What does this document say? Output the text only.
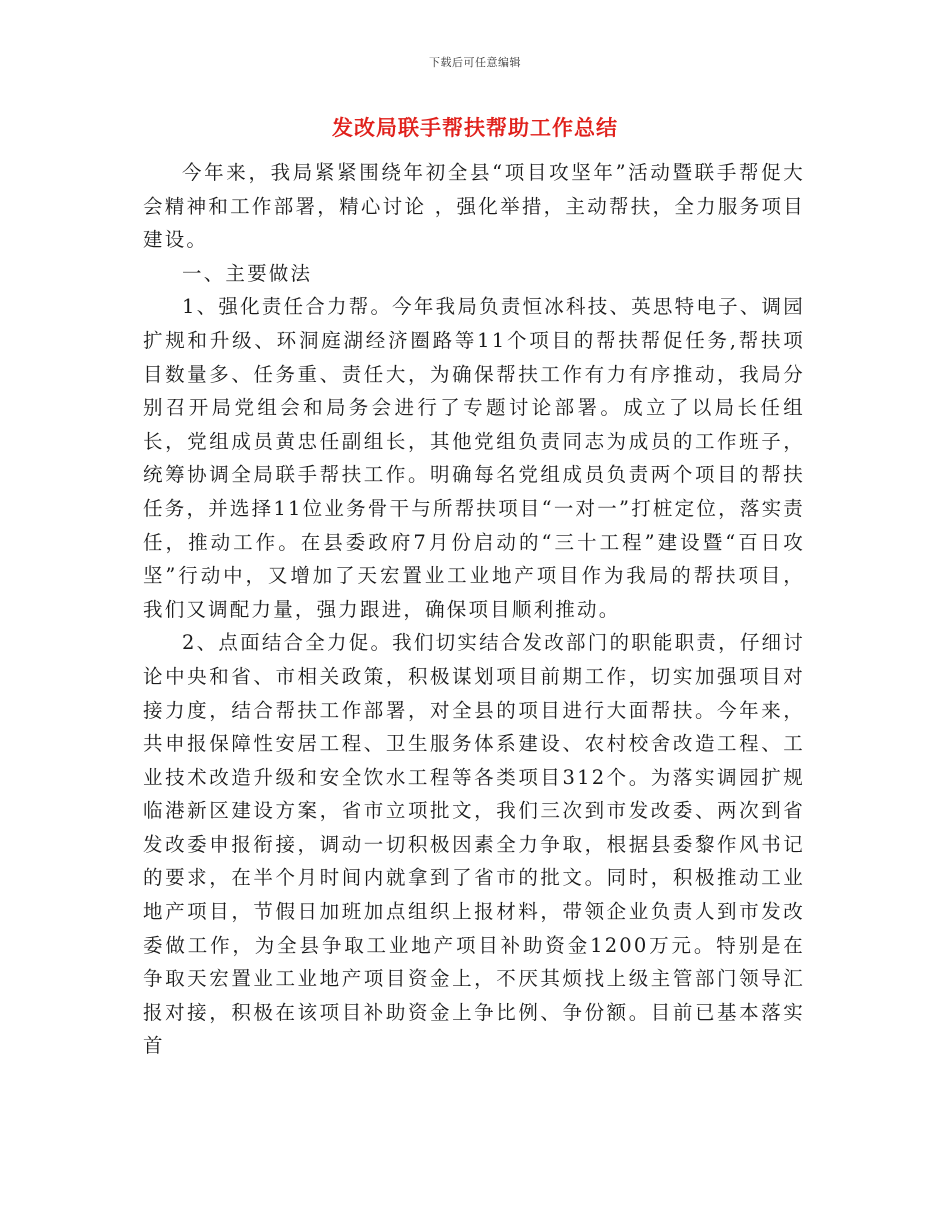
下载后可任意编辑
发改局联手帮扶帮助工作总结

今年来，我局紧紧围绕年初全县“项目攻坚年”活动暨联手帮促大会精神和工作部署，精心讨论 ，强化举措，主动帮扶，全力服务项目建设。

一、主要做法

1、强化责任合力帮。今年我局负责恒冰科技、英思特电子、调园扩规和升级、环洞庭湖经济圈路等11个项目的帮扶帮促任务,帮扶项目数量多、任务重、责任大，为确保帮扶工作有力有序推动，我局分别召开局党组会和局务会进行了专题讨论部署。成立了以局长任组长，党组成员黄忠任副组长，其他党组负责同志为成员的工作班子，统筹协调全局联手帮扶工作。明确每名党组成员负责两个项目的帮扶任务，并选择11位业务骨干与所帮扶项目“一对一”打桩定位，落实责任，推动工作。在县委政府7月份启动的“三十工程”建设暨“百日攻坚”行动中，又增加了天宏置业工业地产项目作为我局的帮扶项目，我们又调配力量，强力跟进，确保项目顺利推动。

2、点面结合全力促。我们切实结合发改部门的职能职责，仔细讨论中央和省、市相关政策，积极谋划项目前期工作，切实加强项目对接力度，结合帮扶工作部署，对全县的项目进行大面帮扶。今年来，共申报保障性安居工程、卫生服务体系建设、农村校舍改造工程、工业技术改造升级和安全饮水工程等各类项目312个。为落实调园扩规临港新区建设方案，省市立项批文，我们三次到市发改委、两次到省发改委申报衔接，调动一切积极因素全力争取，根据县委黎作风书记的要求，在半个月时间内就拿到了省市的批文。同时，积极推动工业地产项目，节假日加班加点组织上报材料，带领企业负责人到市发改委做工作，为全县争取工业地产项目补助资金1200万元。特别是在争取天宏置业工业地产项目资金上，不厌其烦找上级主管部门领导汇报对接，积极在该项目补助资金上争比例、争份额。目前已基本落实首
